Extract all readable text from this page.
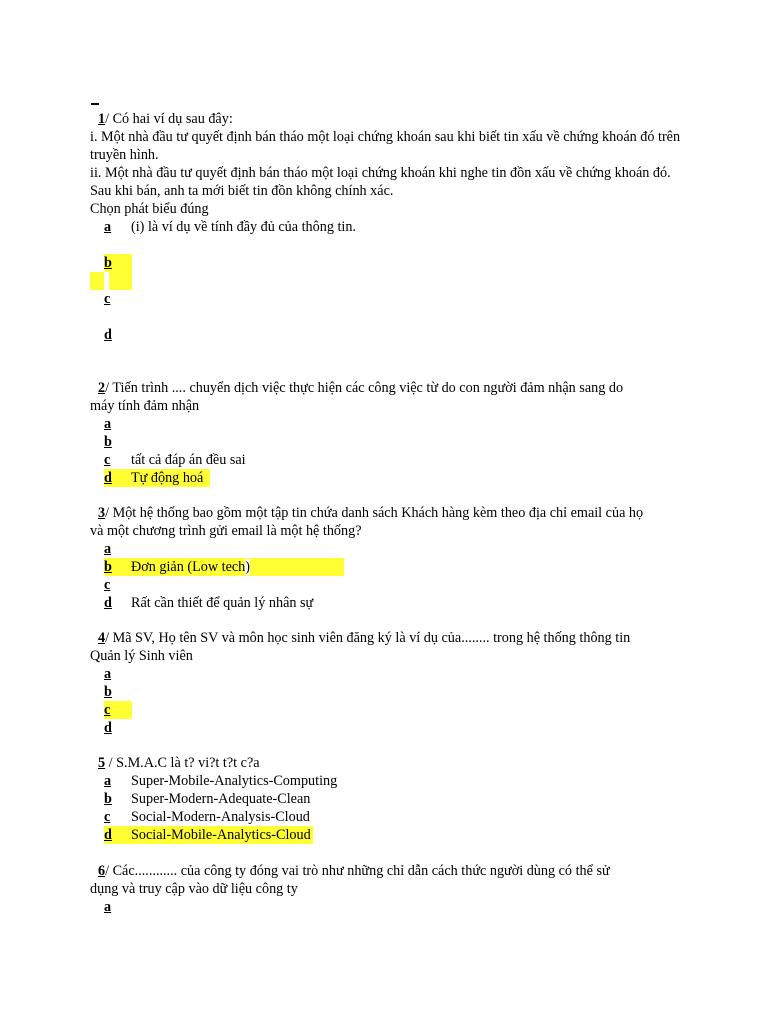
1/ Có hai ví dụ sau đây:
i. Một nhà đầu tư quyết định bán tháo một loại chứng khoán sau khi biết tin xấu về chứng khoán đó trên truyền hình.
ii. Một nhà đầu tư quyết định bán tháo một loại chứng khoán khi nghe tin đồn xấu về chứng khoán đó. Sau khi bán, anh ta mới biết tin đồn không chính xác.
Chọn phát biểu đúng
a (i) là ví dụ về tính đầy đủ của thông tin.
b
c
d
2/ Tiến trình .... chuyển dịch việc thực hiện các công việc từ do con người đảm nhận sang do
máy tính đảm nhận
a
b
c tất cả đáp án đều sai
d Tự động hoá
3/ Một hệ thống bao gồm một tập tin chứa danh sách Khách hàng kèm theo địa chỉ email của họ
và một chương trình gửi email là một hệ thống?
a
b Đơn giản (Low tech)
c
d Rất cần thiết để quản lý nhân sự
4/ Mã SV, Họ tên SV và môn học sinh viên đăng ký là ví dụ của........ trong hệ thống thông tin
Quản lý Sinh viên
a
b
c
d
5 / S.M.A.C là t? vi?t t?t c?a
a Super-Mobile-Analytics-Computing
b Super-Modern-Adequate-Clean
c Social-Modern-Analysis-Cloud
d Social-Mobile-Analytics-Cloud
6/ Các............ của công ty đóng vai trò như những chỉ dẫn cách thức người dùng có thể sử
dụng và truy cập vào dữ liệu công ty
a
